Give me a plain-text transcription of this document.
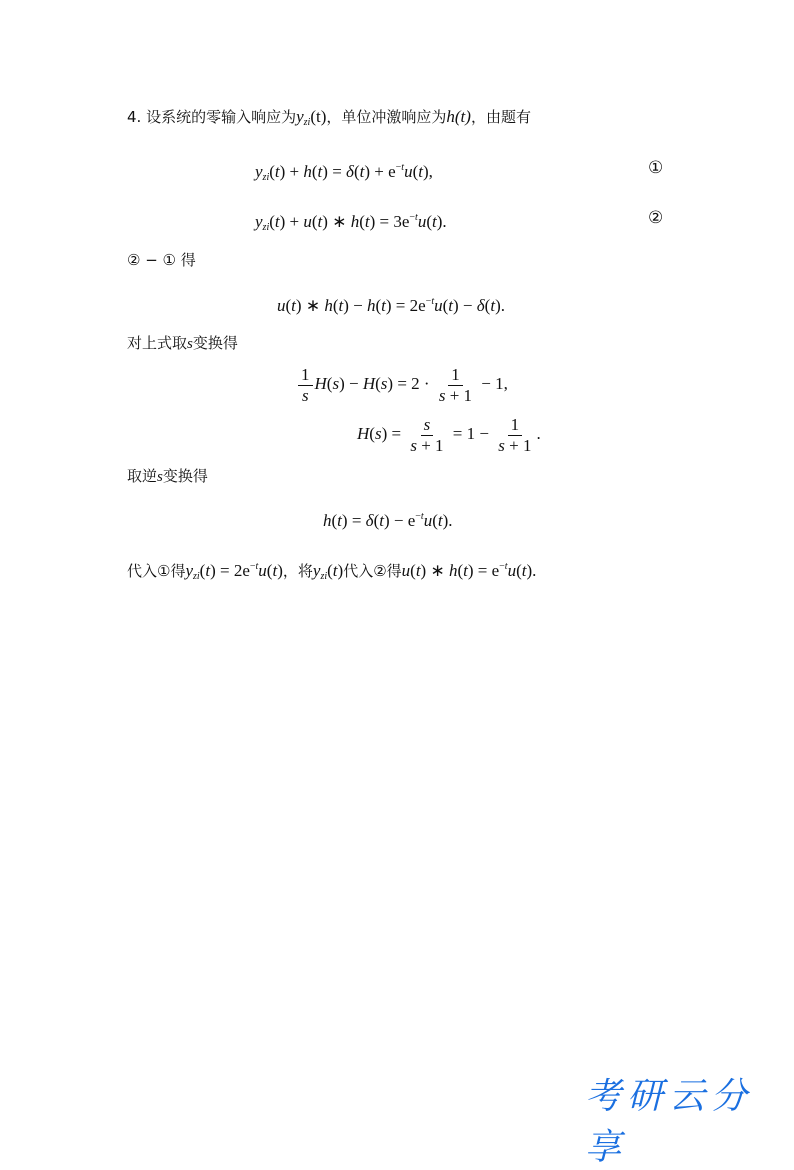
4. 设系统的零输入响应为$y_{zi}(t)$，单位冲激响应为h(t)，由题有
$y_{zi}(t) + h(t) = \delta(t) + e^{-t}u(t)$,	①
$y_{zi}(t) + u(t)$ ∗ $h(t) = 3e^{-t}u(t)$.	②
② − ① 得
u(t) ∗ $h(t) - h(t) = 2e^{-t}u(t) - \delta(t)$.
对上式取s变换得
$\frac{1}{s} H(s) - H(s) = 2 \cdot \frac{1}{s + 1} - 1$,
$H(s) = \frac{s}{s + 1} = 1 - \frac{1}{s + 1}$ .
取逆s变换得
$h(t) = \delta(t) - e^{-t}u(t)$.
代入①得$y_{zi}(t) = 2e^{-t}u(t)$，将$y_{zi}(t)$代入②得u(t) ∗ $h(t) = e^{-t}u(t)$.
考研云分享
